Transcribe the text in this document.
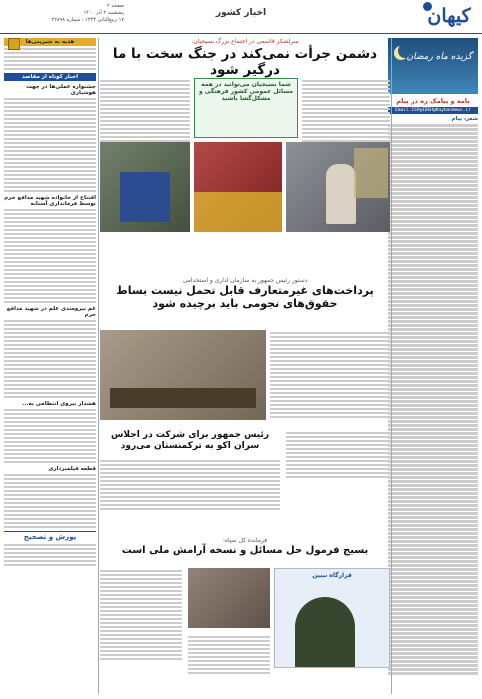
کیهان
اخبار کشور
صفحه ۲
پنجشنبه ۲ آذر ۱۴۰۰
۱۷ ربیع‌الثانی ۱۴۴۳ - شماره ۲۲۸۹۸
گزیده ماه رمضان
نامه و پیامک ره در پیام
Email:ISP@IDEH@Kayhanmews.ir
شعر، پیام
هدیه به شیرینی‌ها
اخبار کوتاه از مقاصد
جشنواره عملی‌ها در جهت هوشیاری
افتتاح از خانواده شهید مدافع حرم توسط فرمانداری آستانه
غم نیرومندی علم در شهید مدافع حرم
هشدار نیروی انتظامی به...
قطعه فیلمبرداری
پوزش و تصحیح
سرلشکر قاسمی در اجتماع بزرگ بسیجیان:
دشمن جرأت نمی‌کند در جنگ سخت با ما درگیر شود
شما بسیجیان می‌توانید در همه مسائل عمومی کشور فرهنگی و مشکل‌گشا باشید
دستور رئیس جمهور به سازمان اداری و استخدامی
پرداخت‌های غیرمتعارف قابل تحمل نیست بساط حقوق‌های نجومی باید برچیده شود
رئیس جمهور برای شرکت در اجلاس سران اکو به ترکمنستان می‌رود
فرمانده کل سپاه:
بسیج فرمول حل مسائل و نسخه آرامش ملی است
قرارگاه تبیین
